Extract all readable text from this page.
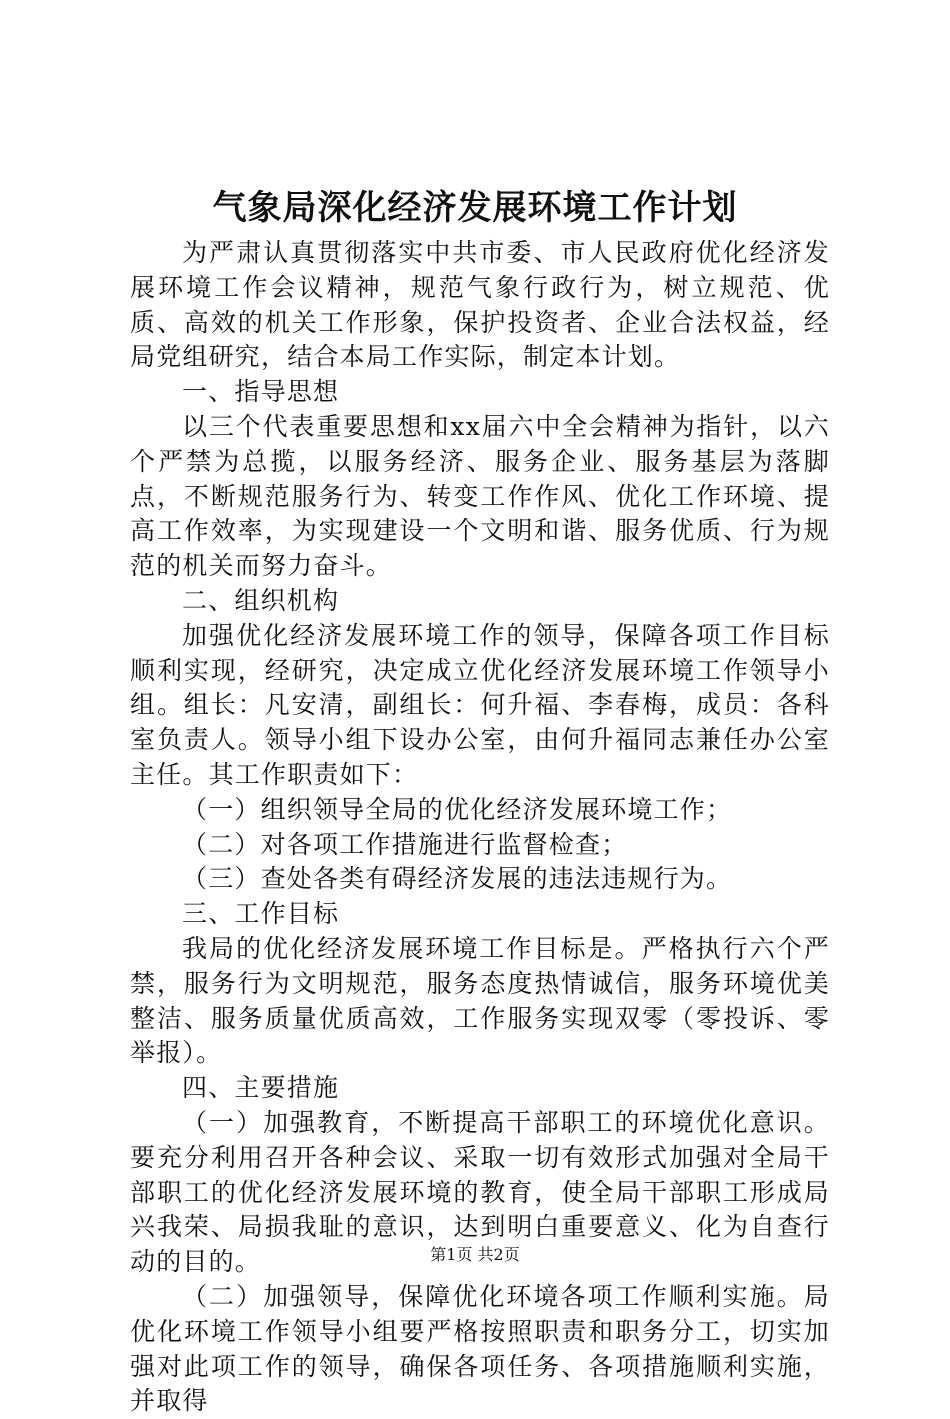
气象局深化经济发展环境工作计划

为严肃认真贯彻落实中共市委、市人民政府优化经济发展环境工作会议精神，规范气象行政行为，树立规范、优质、高效的机关工作形象，保护投资者、企业合法权益，经局党组研究，结合本局工作实际，制定本计划。

一、指导思想

以三个代表重要思想和xx届六中全会精神为指针，以六个严禁为总揽，以服务经济、服务企业、服务基层为落脚点，不断规范服务行为、转变工作作风、优化工作环境、提高工作效率，为实现建设一个文明和谐、服务优质、行为规范的机关而努力奋斗。

二、组织机构

加强优化经济发展环境工作的领导，保障各项工作目标顺利实现，经研究，决定成立优化经济发展环境工作领导小组。组长：凡安清，副组长：何升福、李春梅，成员：各科室负责人。领导小组下设办公室，由何升福同志兼任办公室主任。其工作职责如下：

（一）组织领导全局的优化经济发展环境工作；

（二）对各项工作措施进行监督检查；

（三）查处各类有碍经济发展的违法违规行为。

三、工作目标

我局的优化经济发展环境工作目标是。严格执行六个严禁，服务行为文明规范，服务态度热情诚信，服务环境优美整洁、服务质量优质高效，工作服务实现双零（零投诉、零举报）。

四、主要措施

（一）加强教育，不断提高干部职工的环境优化意识。要充分利用召开各种会议、采取一切有效形式加强对全局干部职工的优化经济发展环境的教育，使全局干部职工形成局兴我荣、局损我耻的意识，达到明白重要意义、化为自查行动的目的。

（二）加强领导，保障优化环境各项工作顺利实施。局优化环境工作领导小组要严格按照职责和职务分工，切实加强对此项工作的领导，确保各项任务、各项措施顺利实施，并取得

第1页 共2页
